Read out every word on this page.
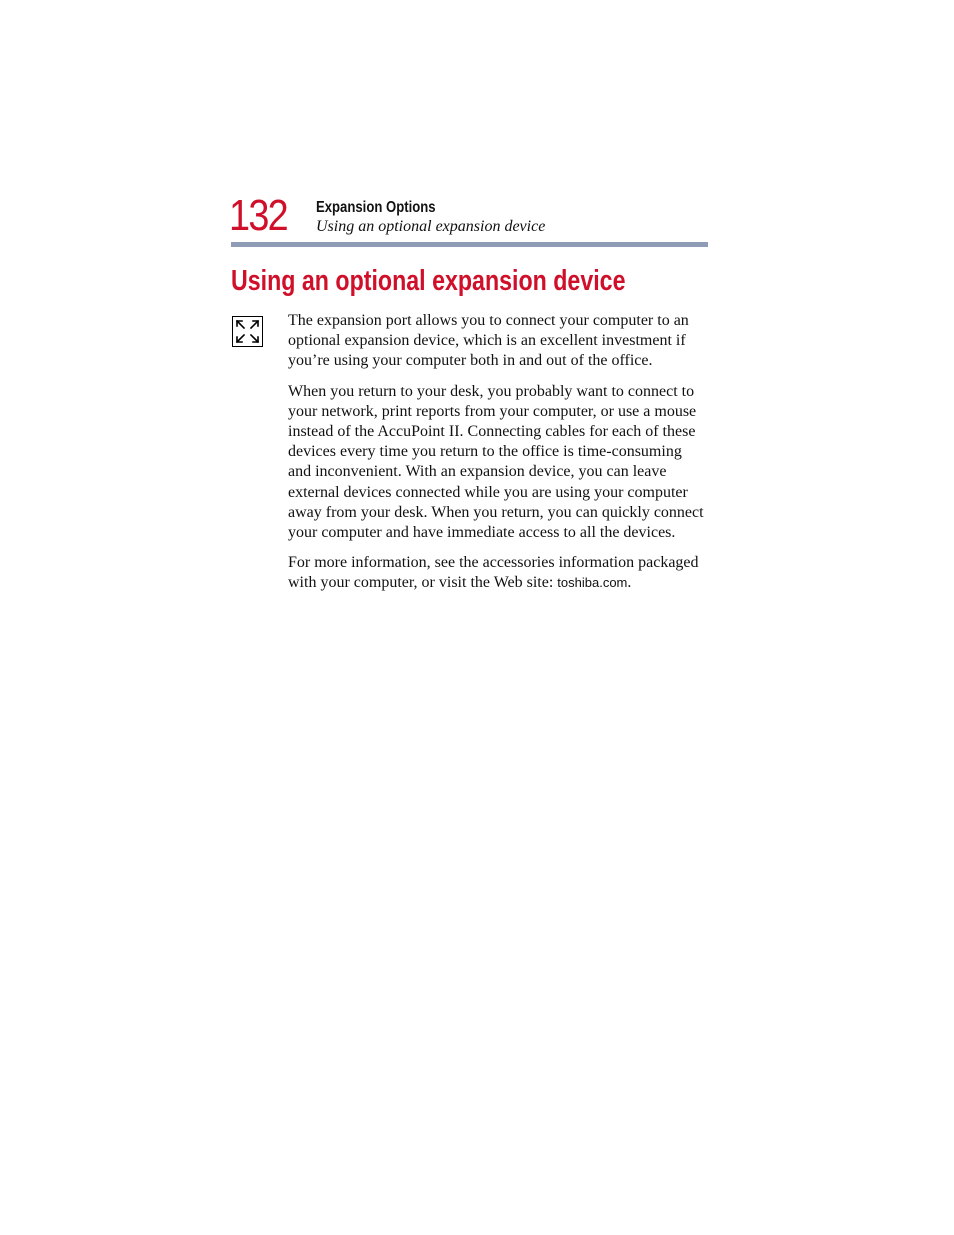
132 Expansion Options
Using an optional expansion device
Using an optional expansion device

The expansion port allows you to connect your computer to an optional expansion device, which is an excellent investment if you’re using your computer both in and out of the office.

When you return to your desk, you probably want to connect to your network, print reports from your computer, or use a mouse instead of the AccuPoint II. Connecting cables for each of these devices every time you return to the office is time-consuming and inconvenient. With an expansion device, you can leave external devices connected while you are using your computer away from your desk. When you return, you can quickly connect your computer and have immediate access to all the devices.

For more information, see the accessories information packaged with your computer, or visit the Web site: toshiba.com.
